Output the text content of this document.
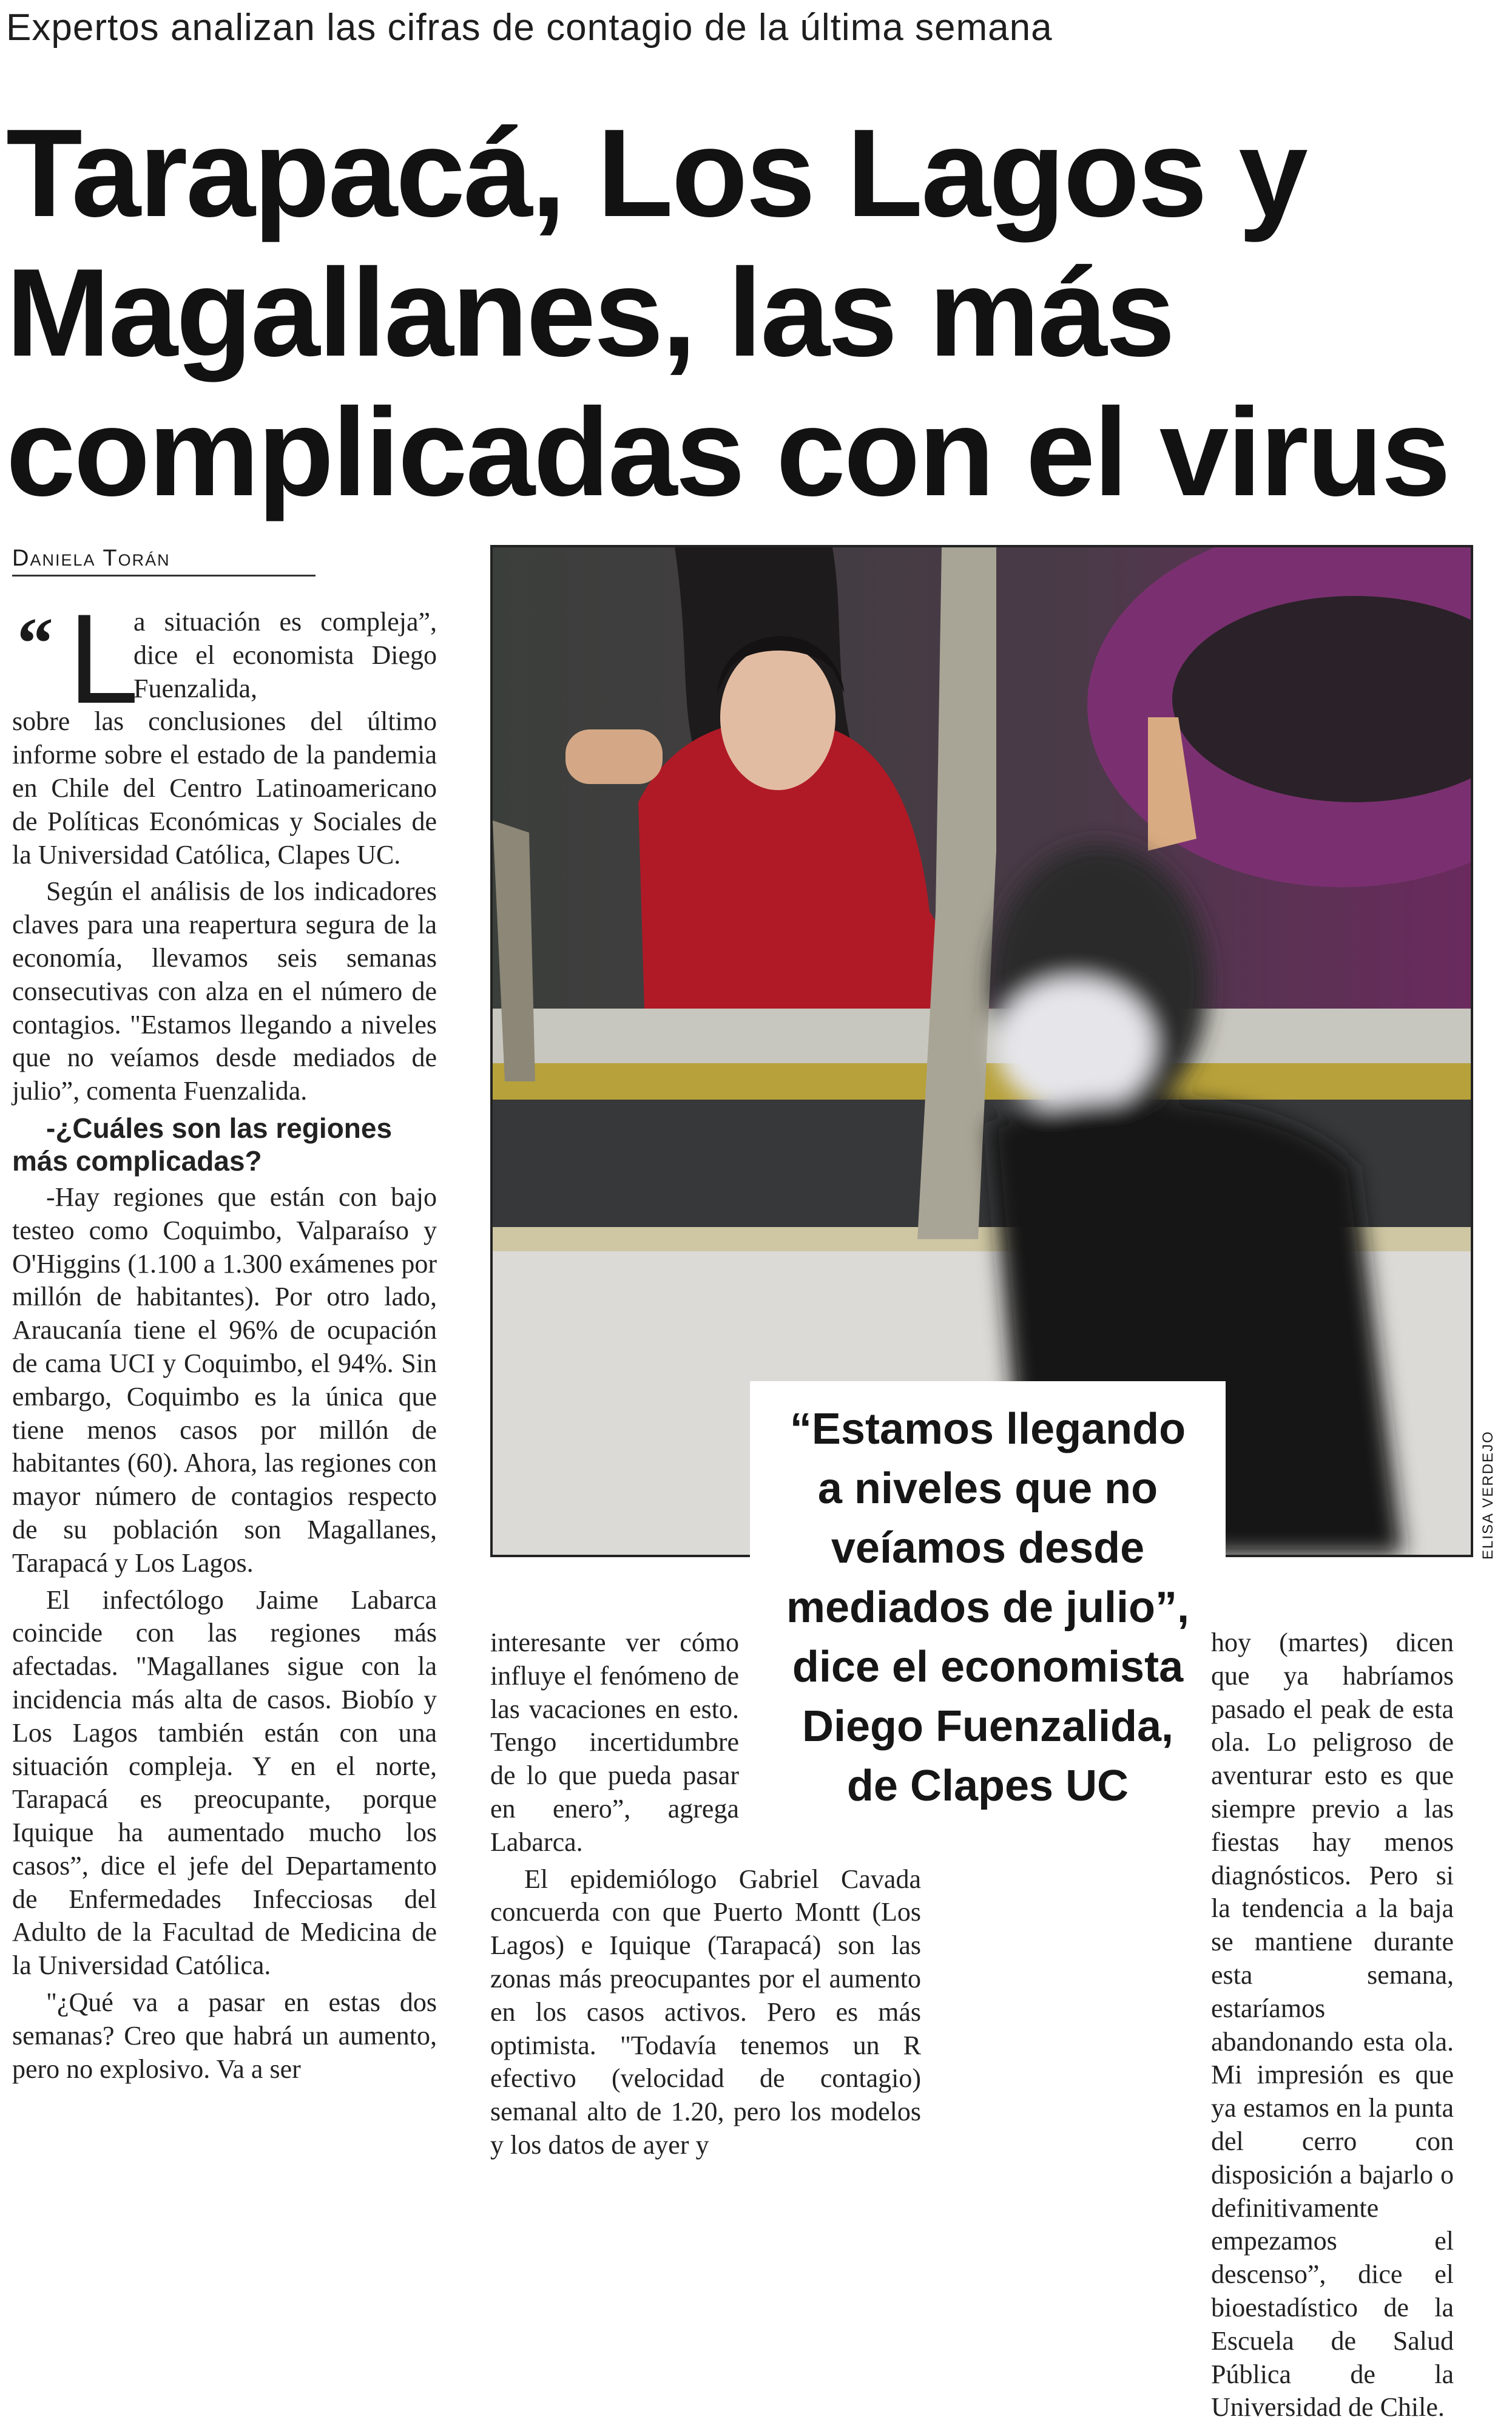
Expertos analizan las cifras de contagio de la última semana
Tarapacá, Los Lagos y
Magallanes, las más
complicadas con el virus
Daniela Torán
“ L

a situación es compleja”, dice el economista Diego Fuenzalida,

sobre las conclusiones del último informe sobre el estado de la pandemia en Chile del Centro Latinoamericano de Políticas Económicas y Sociales de la Universidad Católica, Clapes UC.

Según el análisis de los indicadores claves para una reapertura segura de la economía, llevamos seis semanas consecutivas con alza en el número de contagios. "Estamos llegando a niveles que no veíamos desde mediados de julio”, comenta Fuenzalida.

-¿Cuáles son las regiones más complicadas?

-Hay regiones que están con bajo testeo como Coquimbo, Valparaíso y O'Higgins (1.100 a 1.300 exámenes por millón de habitantes). Por otro lado, Araucanía tiene el 96% de ocupación de cama UCI y Coquimbo, el 94%. Sin embargo, Coquimbo es la única que tiene menos casos por millón de habitantes (60). Ahora, las regiones con mayor número de contagios respecto de su población son Magallanes, Tarapacá y Los Lagos.

El infectólogo Jaime Labarca coincide con las regiones más afectadas. "Magallanes sigue con la incidencia más alta de casos. Biobío y Los Lagos también están con una situación compleja. Y en el norte, Tarapacá es preocupante, porque Iquique ha aumentado mucho los casos”, dice el jefe del Departamento de Enfermedades Infecciosas del Adulto de la Facultad de Medicina de la Universidad Católica.

"¿Qué va a pasar en estas dos semanas? Creo que habrá un aumento, pero no explosivo. Va a ser

ELISA VERDEJO
“Estamos llegando
a niveles que no
veíamos desde
mediados de julio”,
dice el economista
Diego Fuenzalida,
de Clapes UC

interesante ver cómo influye el fenómeno de las vacaciones en esto. Tengo incertidumbre de lo que pueda pasar en enero”, agrega Labarca.

El epidemiólogo Gabriel Cavada concuerda con que Puerto Montt (Los Lagos) e Iquique (Tarapacá) son las zonas más preocupantes por el aumento en los casos activos. Pero es más optimista. "Todavía tenemos un R efectivo (velocidad de contagio) semanal alto de 1.20, pero los modelos y los datos de ayer y

hoy (martes) dicen que ya habríamos pasado el peak de esta ola. Lo peligroso de aventurar esto es que siempre previo a las fiestas hay menos diagnósticos. Pero si la tendencia a la baja se mantiene durante esta semana, estaríamos abandonando esta ola. Mi impresión es que ya estamos en la punta del cerro con disposición a bajarlo o definitivamente empezamos el descenso”, dice el bioestadístico de la Escuela de Salud Pública de la Universidad de Chile.
